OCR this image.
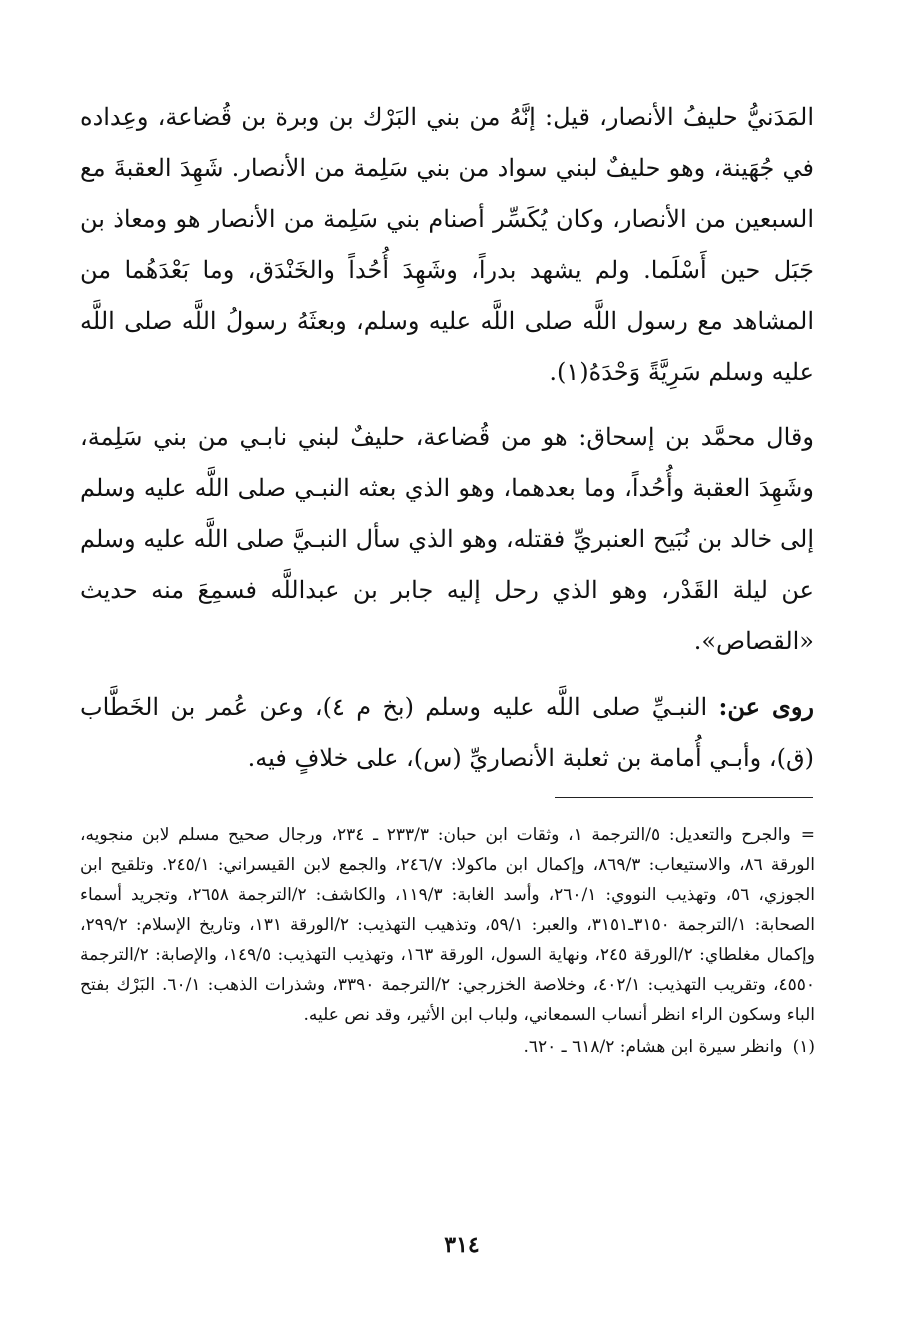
المَدَنيُّ حليفُ الأنصار، قيل: إنَّهُ من بني البَرْك بن وبرة بن قُضاعة، وعِداده في جُهَينة، وهو حليفٌ لبني سواد من بني سَلِمة من الأنصار. شَهِدَ العقبةَ مع السبعين من الأنصار، وكان يُكَسِّر أصنام بني سَلِمة من الأنصار هو ومعاذ بن جَبَل حين أَسْلَما. ولم يشهد بدراً، وشَهِدَ أُحُداً والخَنْدَق، وما بَعْدَهُما من المشاهد مع رسول اللَّه صلى اللَّه عليه وسلم، وبعثَهُ رسولُ اللَّه صلى اللَّه عليه وسلم سَرِيَّةً وَحْدَهُ(١).

وقال محمَّد بن إسحاق: هو من قُضاعة، حليفٌ لبني نابـي من بني سَلِمة، وشَهِدَ العقبة وأُحُداً، وما بعدهما، وهو الذي بعثه النبـي صلى اللَّه عليه وسلم إلى خالد بن نُبَيح العنبريِّ فقتله، وهو الذي سأل النبـيَّ صلى اللَّه عليه وسلم عن ليلة القَدْر، وهو الذي رحل إليه جابر بن عبداللَّه فسمِعَ منه حديث «القصاص».

روى عن: النبـيِّ صلى اللَّه عليه وسلم (بخ م ٤)، وعن عُمر بن الخَطَّاب (ق)، وأبـي أُمامة بن ثعلبة الأنصاريِّ (س)، على خلافٍ فيه.

=والجرح والتعديل: ٥/الترجمة ١، وثقات ابن حبان: ٢٣٣/٣ ـ ٢٣٤، ورجال صحيح مسلم لابن منجويه، الورقة ٨٦، والاستيعاب: ٨٦٩/٣، وإكمال ابن ماكولا: ٢٤٦/٧، والجمع لابن القيسراني: ٢٤٥/١. وتلقيح ابن الجوزي، ٥٦، وتهذيب النووي: ٢٦٠/١، وأسد الغابة: ١١٩/٣، والكاشف: ٢/الترجمة ٢٦٥٨، وتجريد أسماء الصحابة: ١/الترجمة ٣١٥٠ـ٣١٥١، والعبر: ٥٩/١، وتذهيب التهذيب: ٢/الورقة ١٣١، وتاريخ الإسلام: ٢٩٩/٢، وإكمال مغلطاي: ٢/الورقة ٢٤٥، ونهاية السول، الورقة ١٦٣، وتهذيب التهذيب: ١٤٩/٥، والإصابة: ٢/الترجمة ٤٥٥٠، وتقريب التهذيب: ٤٠٢/١، وخلاصة الخزرجي: ٢/الترجمة ٣٣٩٠، وشذرات الذهب: ٦٠/١. البَرْك بفتح الباء وسكون الراء انظر أنساب السمعاني، ولباب ابن الأثير، وقد نص عليه.

(١)وانظر سيرة ابن هشام: ٦١٨/٢ ـ ٦٢٠.

٣١٤
